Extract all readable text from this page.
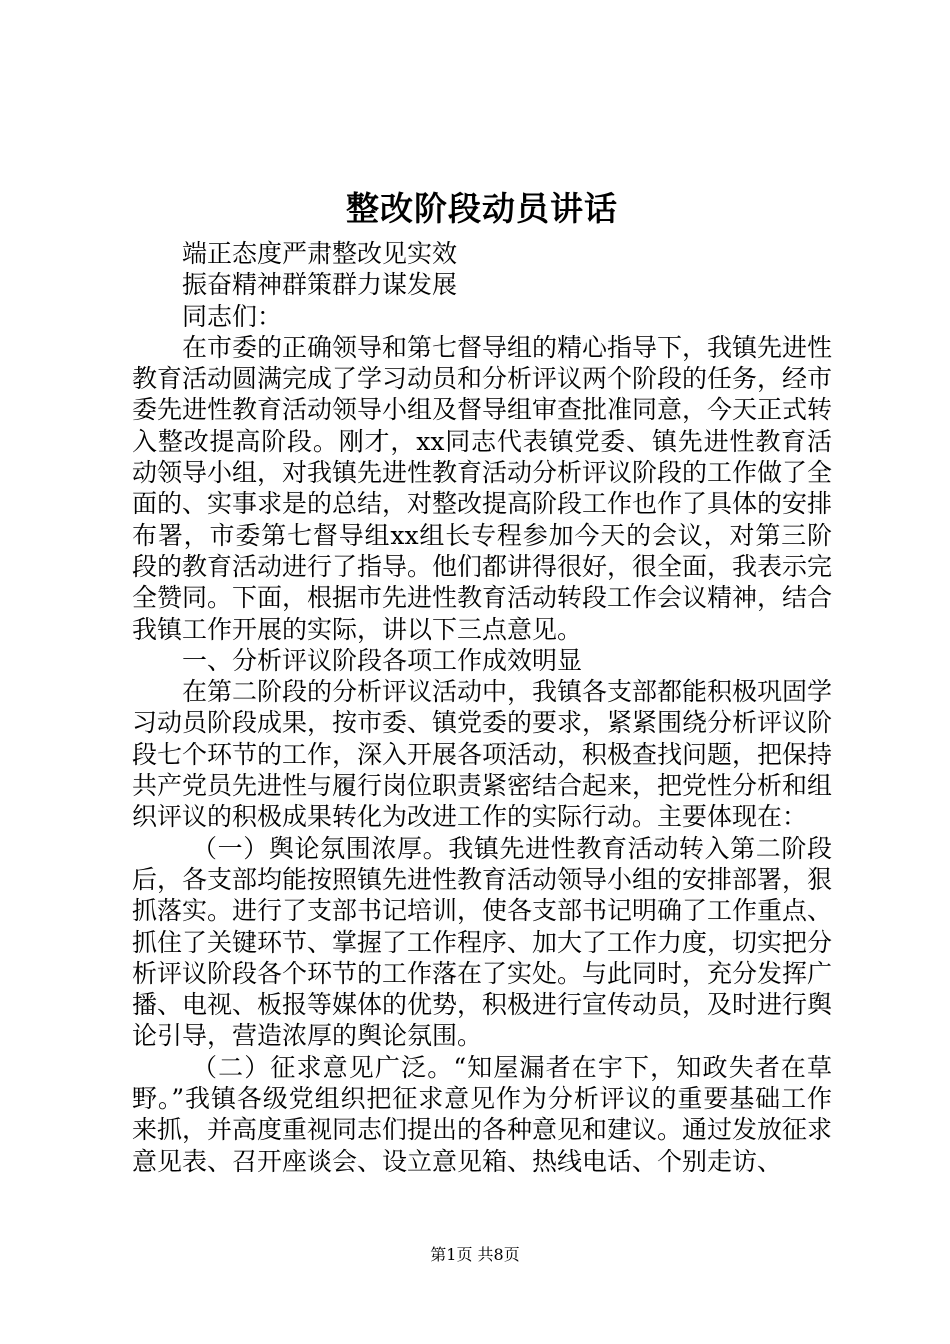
整改阶段动员讲话

端正态度严肃整改见实效

振奋精神群策群力谋发展

同志们：

在市委的正确领导和第七督导组的精心指导下，我镇先进性教育活动圆满完成了学习动员和分析评议两个阶段的任务，经市委先进性教育活动领导小组及督导组审查批准同意，今天正式转入整改提高阶段。刚才，xx同志代表镇党委、镇先进性教育活动领导小组，对我镇先进性教育活动分析评议阶段的工作做了全面的、实事求是的总结，对整改提高阶段工作也作了具体的安排布署，市委第七督导组xx组长专程参加今天的会议，对第三阶段的教育活动进行了指导。他们都讲得很好，很全面，我表示完全赞同。下面，根据市先进性教育活动转段工作会议精神，结合我镇工作开展的实际，讲以下三点意见。

一、分析评议阶段各项工作成效明显

在第二阶段的分析评议活动中，我镇各支部都能积极巩固学习动员阶段成果，按市委、镇党委的要求，紧紧围绕分析评议阶段七个环节的工作，深入开展各项活动，积极查找问题，把保持共产党员先进性与履行岗位职责紧密结合起来，把党性分析和组织评议的积极成果转化为改进工作的实际行动。主要体现在：

（一）舆论氛围浓厚。我镇先进性教育活动转入第二阶段后，各支部均能按照镇先进性教育活动领导小组的安排部署，狠抓落实。进行了支部书记培训，使各支部书记明确了工作重点、抓住了关键环节、掌握了工作程序、加大了工作力度，切实把分析评议阶段各个环节的工作落在了实处。与此同时，充分发挥广播、电视、板报等媒体的优势，积极进行宣传动员，及时进行舆论引导，营造浓厚的舆论氛围。

（二）征求意见广泛。“知屋漏者在宇下，知政失者在草野。”我镇各级党组织把征求意见作为分析评议的重要基础工作来抓，并高度重视同志们提出的各种意见和建议。通过发放征求意见表、召开座谈会、设立意见箱、热线电话、个别走访、

第1页 共8页
